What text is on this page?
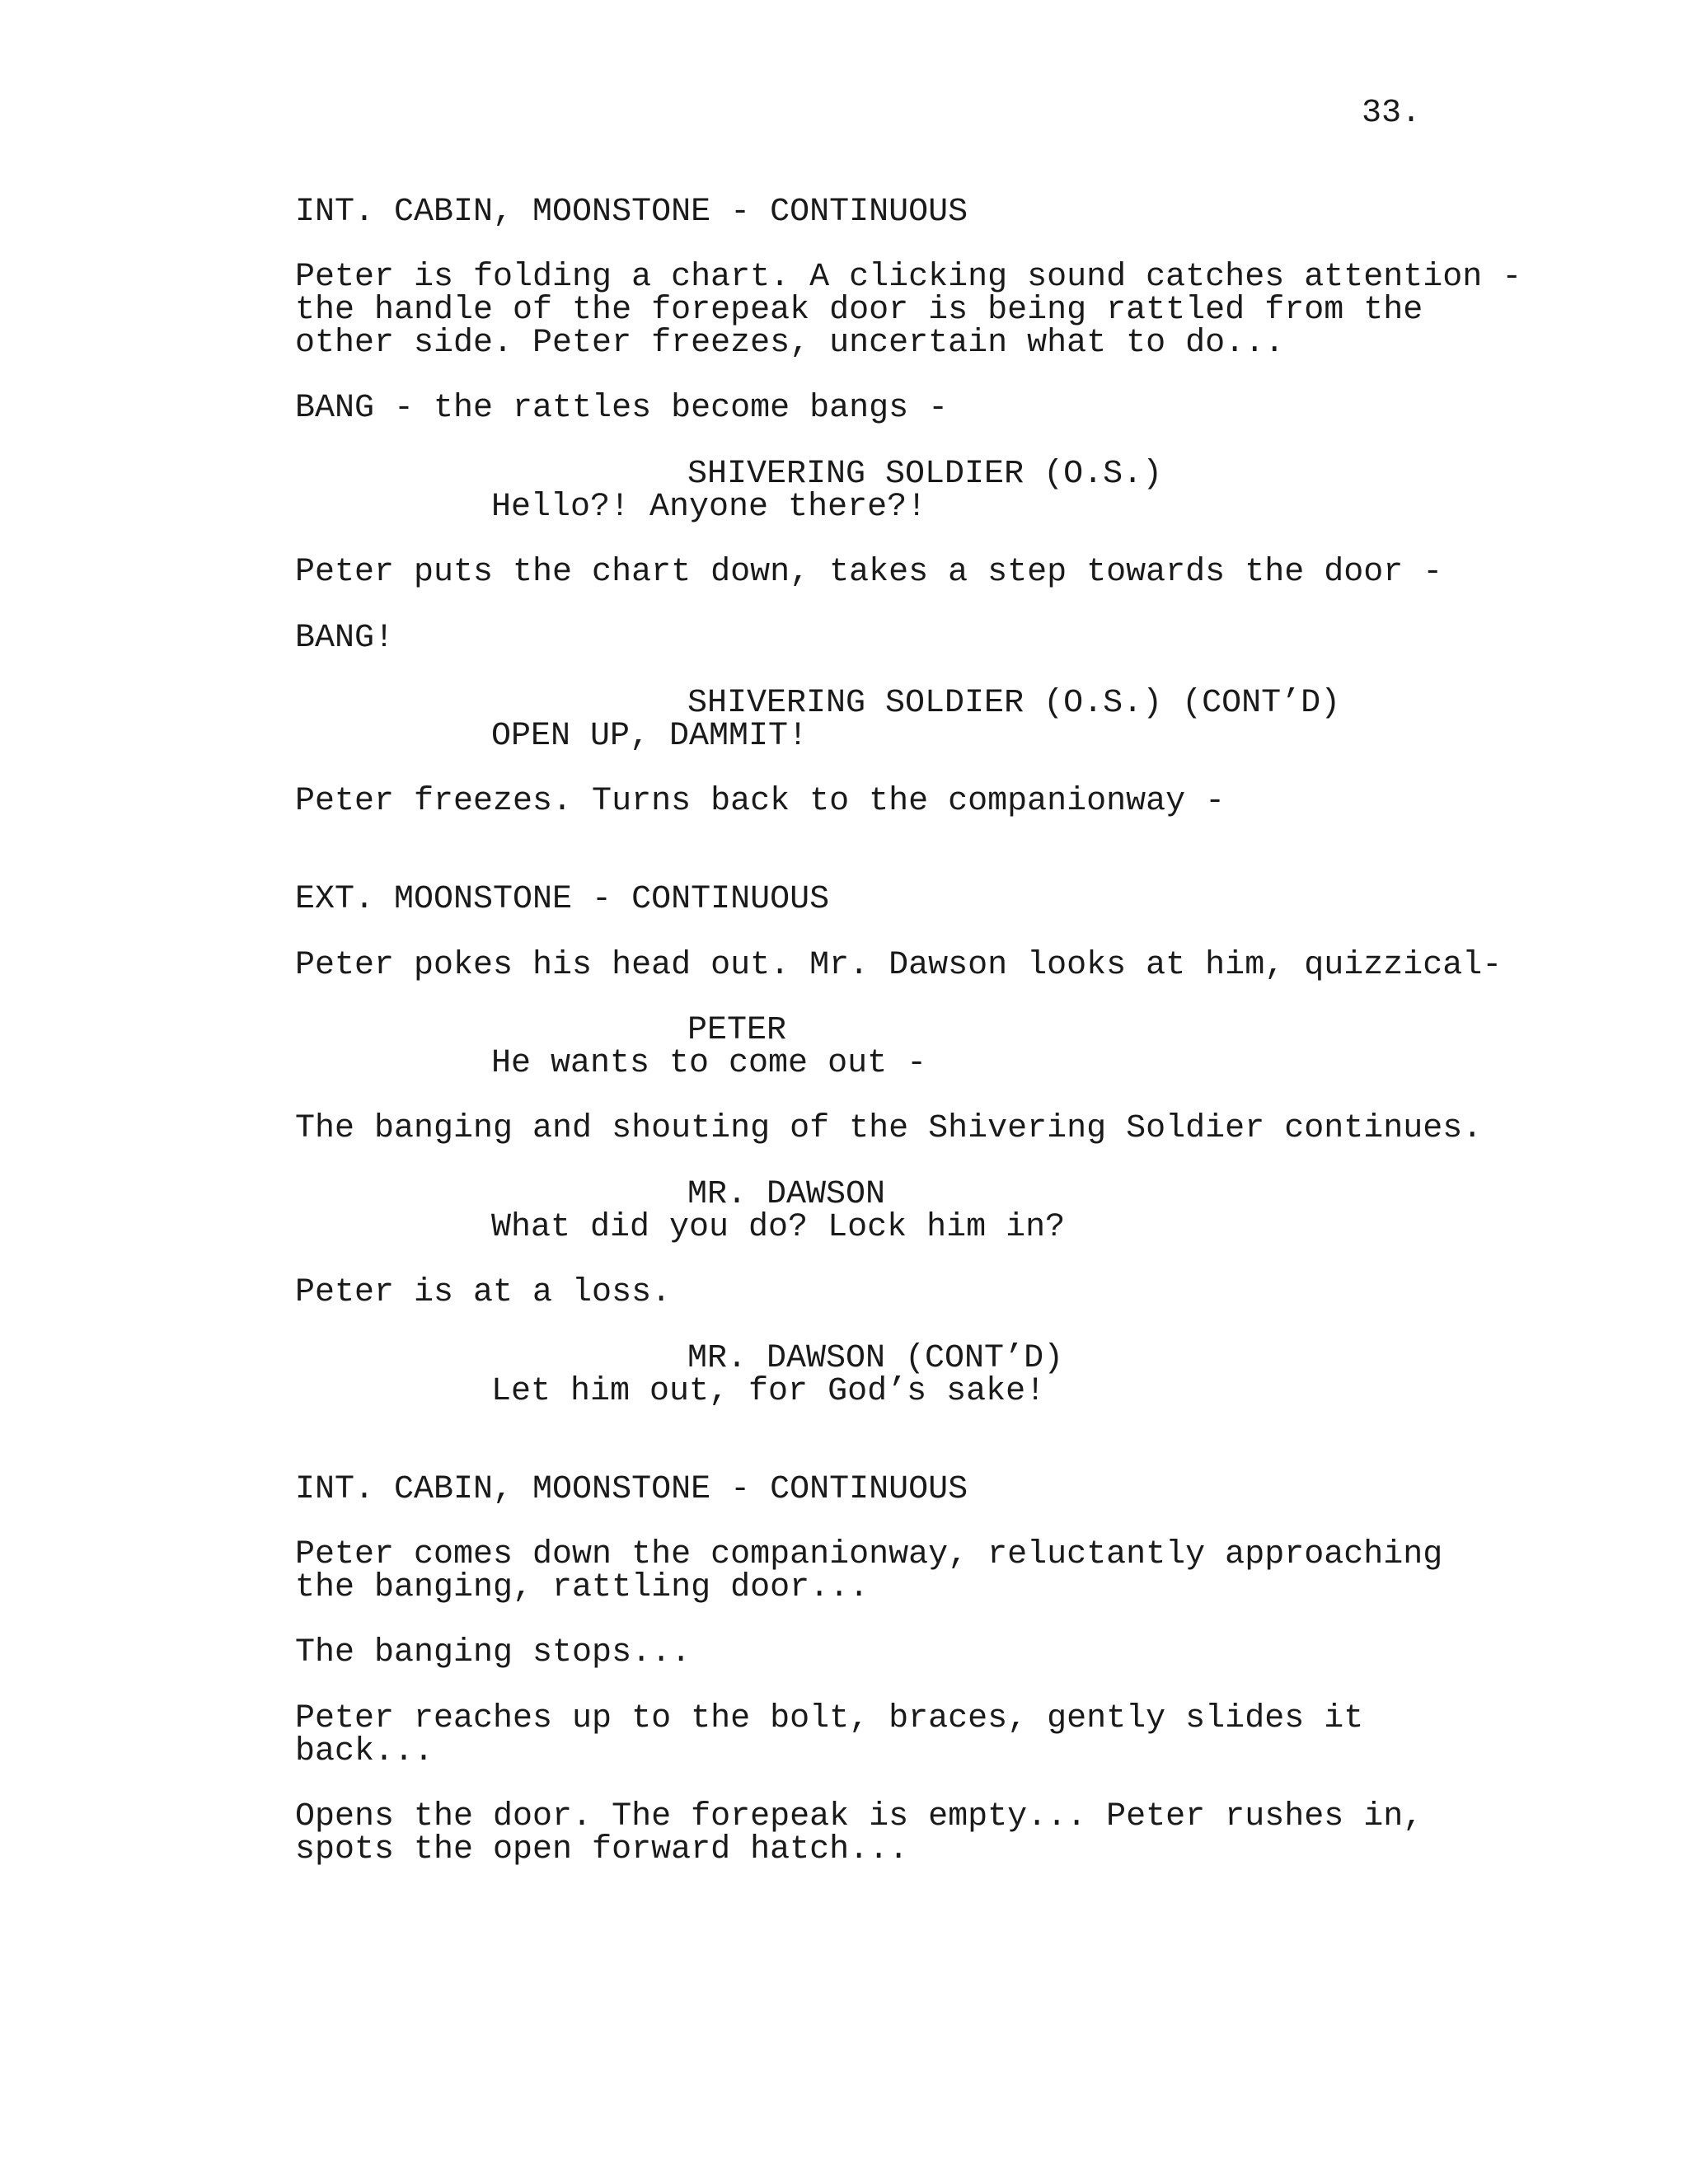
33.
INT. CABIN, MOONSTONE - CONTINUOUS
Peter is folding a chart. A clicking sound catches attention -
the handle of the forepeak door is being rattled from the
other side. Peter freezes, uncertain what to do...
BANG - the rattles become bangs -
SHIVERING SOLDIER (O.S.)
Hello?! Anyone there?!
Peter puts the chart down, takes a step towards the door -
BANG!
SHIVERING SOLDIER (O.S.) (CONT’D)
OPEN UP, DAMMIT!
Peter freezes. Turns back to the companionway -
EXT. MOONSTONE - CONTINUOUS
Peter pokes his head out. Mr. Dawson looks at him, quizzical-
PETER
He wants to come out -
The banging and shouting of the Shivering Soldier continues.
MR. DAWSON
What did you do? Lock him in?
Peter is at a loss.
MR. DAWSON (CONT’D)
Let him out, for God’s sake!
INT. CABIN, MOONSTONE - CONTINUOUS
Peter comes down the companionway, reluctantly approaching
the banging, rattling door...
The banging stops...
Peter reaches up to the bolt, braces, gently slides it
back...
Opens the door. The forepeak is empty... Peter rushes in,
spots the open forward hatch...
